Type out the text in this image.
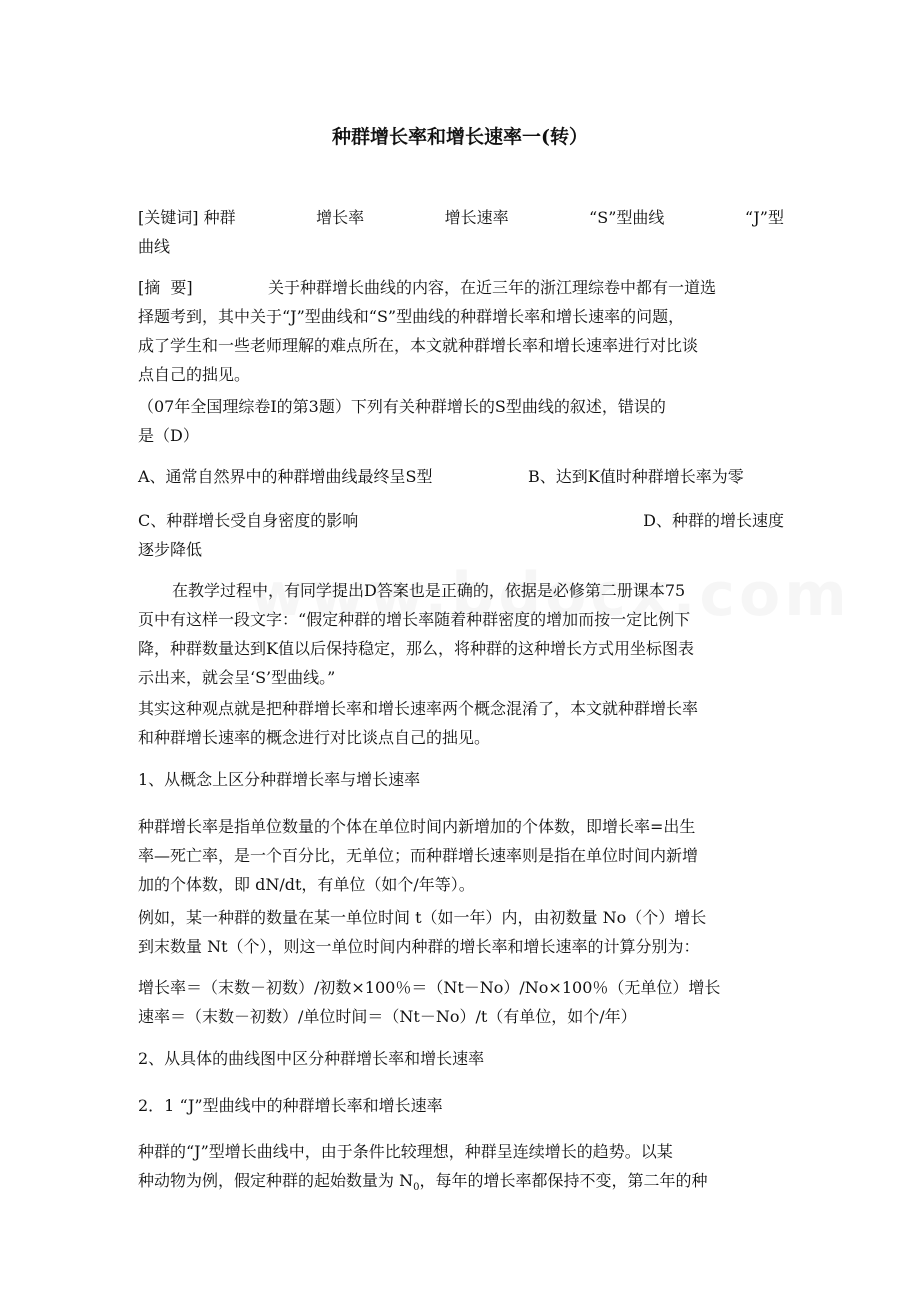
种群增长率和增长速率一(转）
[关键词] 种群	增长率	增长速率	“S”型曲线	“J”型
曲线
[摘  要]	关于种群增长曲线的内容，在近三年的浙江理综卷中都有一道选
择题考到，其中关于“J”型曲线和“S”型曲线的种群增长率和增长速率的问题，
成了学生和一些老师理解的难点所在，本文就种群增长率和增长速率进行对比谈
点自己的拙见。
（07年全国理综卷Ⅰ的第3题）下列有关种群增长的S型曲线的叙述，错误的
是（D）
A、通常自然界中的种群增曲线最终呈S型	B、达到K值时种群增长率为零
C、种群增长受自身密度的影响	D、种群的增长速度
逐步降低
在教学过程中，有同学提出D答案也是正确的，依据是必修第二册课本75
页中有这样一段文字：“假定种群的增长率随着种群密度的增加而按一定比例下
降，种群数量达到K值以后保持稳定，那么，将种群的这种增长方式用坐标图表
示出来，就会呈‘S’型曲线。”
其实这种观点就是把种群增长率和增长速率两个概念混淆了，本文就种群增长率
和种群增长速率的概念进行对比谈点自己的拙见。
1、从概念上区分种群增长率与增长速率
种群增长率是指单位数量的个体在单位时间内新增加的个体数，即增长率=出生
率—死亡率，是一个百分比，无单位；而种群增长速率则是指在单位时间内新增
加的个体数，即 dN/dt，有单位（如个/年等）。
例如，某一种群的数量在某一单位时间 t（如一年）内，由初数量 No（个）增长
到末数量 Nt（个），则这一单位时间内种群的增长率和增长速率的计算分别为：
增长率＝（末数－初数）/初数×100％＝（Nt－No）/No×100％（无单位）增长
速率＝（末数－初数）/单位时间＝（Nt－No）/t（有单位，如个/年）
2、从具体的曲线图中区分种群增长率和增长速率
2．1 “J”型曲线中的种群增长率和增长速率
种群的“J”型增长曲线中，由于条件比较理想，种群呈连续增长的趋势。以某
种动物为例，假定种群的起始数量为 $N_0$，每年的增长率都保持不变，第二年的种
